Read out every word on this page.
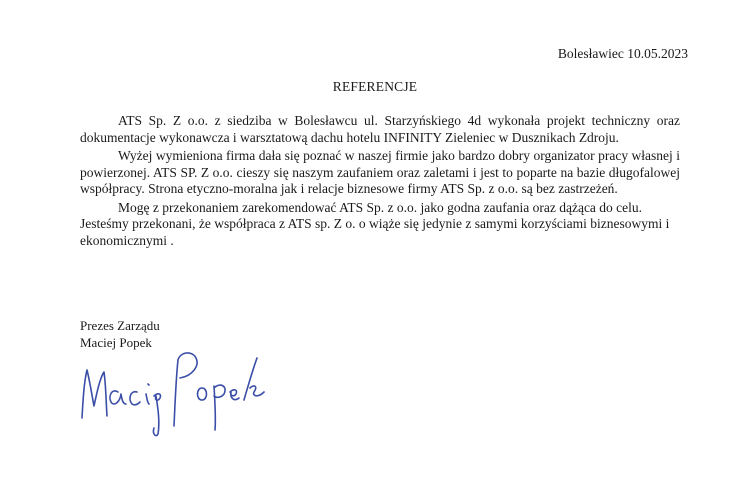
Bolesławiec 10.05.2023
REFERENCJE

ATS Sp. Z o.o. z siedziba w Bolesławcu ul. Starzyńskiego 4d wykonała projekt techniczny oraz dokumentacje wykonawcza i warsztatową dachu hotelu INFINITY Zieleniec w Dusznikach Zdroju.

Wyżej wymieniona firma dała się poznać w naszej firmie jako bardzo dobry organizator pracy własnej i powierzonej. ATS SP. Z o.o. cieszy się naszym zaufaniem oraz zaletami i jest to poparte na bazie długofalowej współpracy. Strona etyczno-moralna jak i relacje biznesowe firmy ATS Sp. z o.o. są bez zastrzeżeń.

Mogę z przekonaniem zarekomendować ATS Sp. z o.o. jako godna zaufania oraz dążąca do celu. Jesteśmy przekonani, że współpraca z ATS sp. Z o. o wiąże się jedynie z samymi korzyściami biznesowymi i ekonomicznymi .

Prezes Zarządu
Maciej Popek
